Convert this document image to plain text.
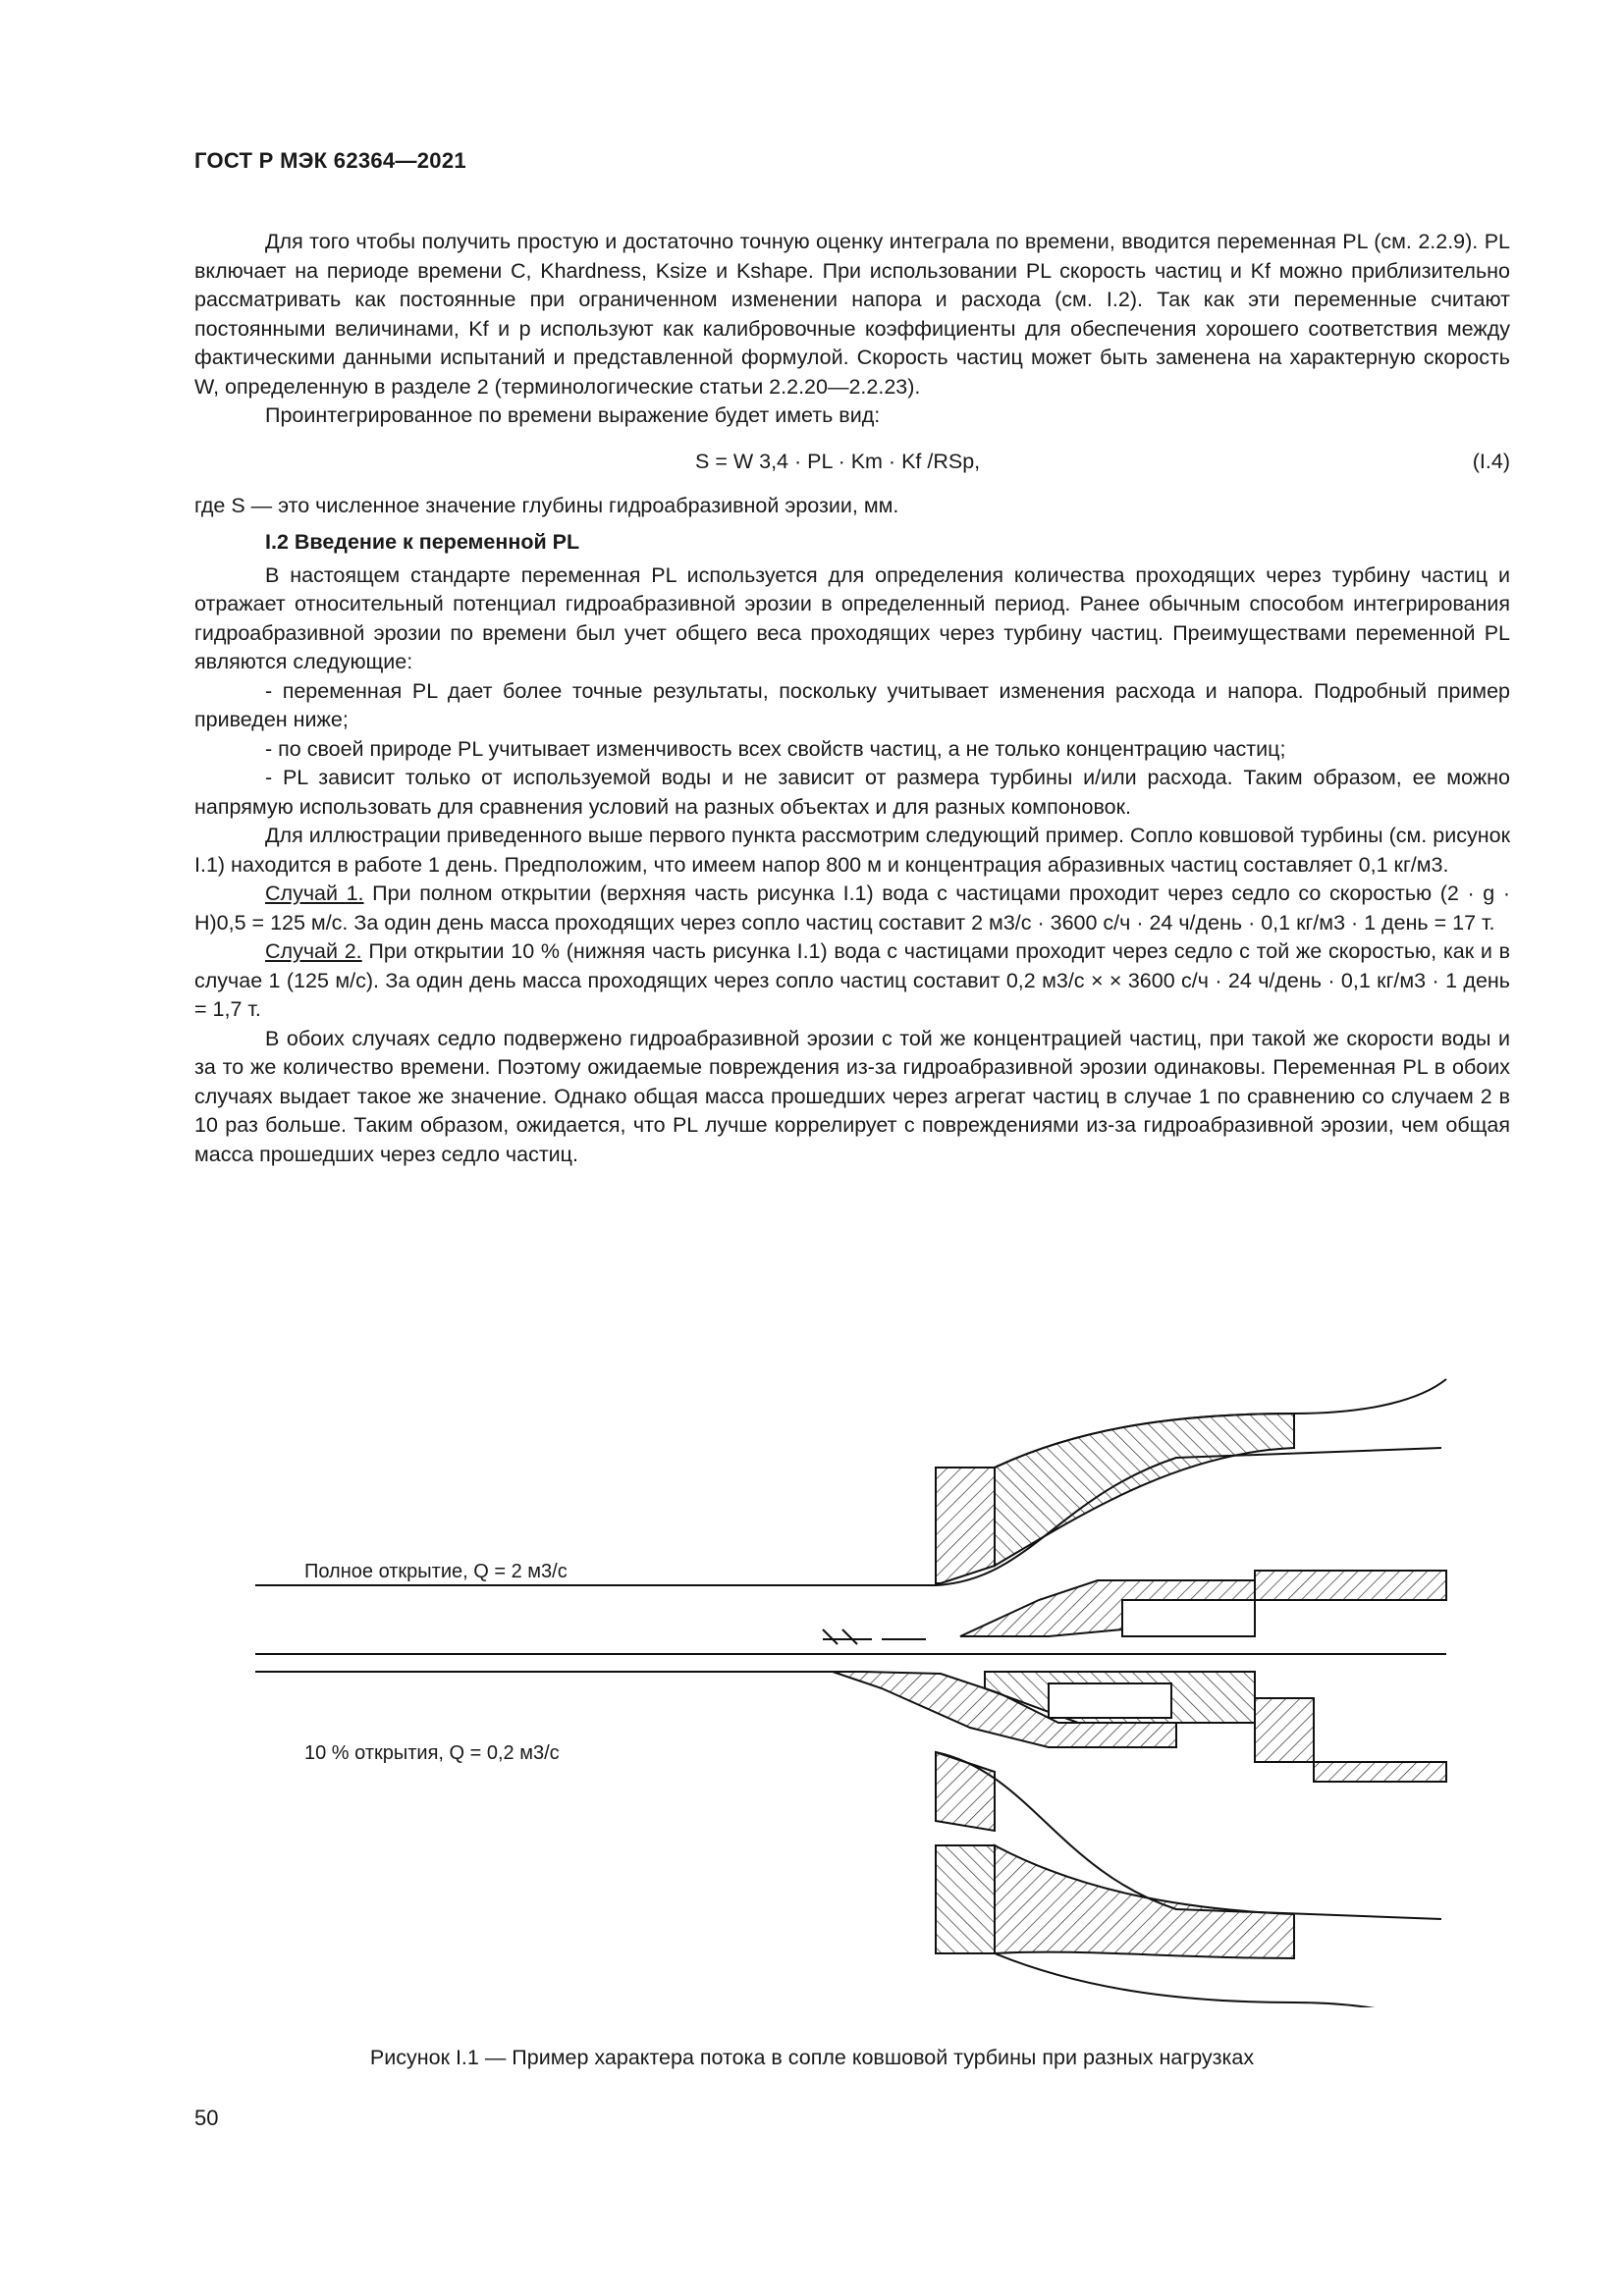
ГОСТ Р МЭК 62364—2021

Для того чтобы получить простую и достаточно точную оценку интеграла по времени, вводится переменная PL (см. 2.2.9). PL включает на периоде времени C, Khardness, Ksize и Kshape. При использовании PL скорость частиц и Kf можно приблизительно рассматривать как постоянные при ограниченном изменении напора и расхода (см. I.2). Так как эти переменные считают постоянными величинами, Kf и p используют как калибровочные коэффициенты для обеспечения хорошего соответствия между фактическими данными испытаний и представленной формулой. Скорость частиц может быть заменена на характерную скорость W, определенную в разделе 2 (терминологические статьи 2.2.20—2.2.23).

Проинтегрированное по времени выражение будет иметь вид:

S = W 3,4 · PL · Km · Kf /RSp,	(I.4)

где S — это численное значение глубины гидроабразивной эрозии, мм.

I.2 Введение к переменной PL

В настоящем стандарте переменная PL используется для определения количества проходящих через турбину частиц и отражает относительный потенциал гидроабразивной эрозии в определенный период. Ранее обычным способом интегрирования гидроабразивной эрозии по времени был учет общего веса проходящих через турбину частиц. Преимуществами переменной PL являются следующие:

- переменная PL дает более точные результаты, поскольку учитывает изменения расхода и напора. Подробный пример приведен ниже;

- по своей природе PL учитывает изменчивость всех свойств частиц, а не только концентрацию частиц;

- PL зависит только от используемой воды и не зависит от размера турбины и/или расхода. Таким образом, ее можно напрямую использовать для сравнения условий на разных объектах и для разных компоновок.

Для иллюстрации приведенного выше первого пункта рассмотрим следующий пример. Сопло ковшовой турбины (см. рисунок I.1) находится в работе 1 день. Предположим, что имеем напор 800 м и концентрация абразивных частиц составляет 0,1 кг/м3.

Случай 1. При полном открытии (верхняя часть рисунка I.1) вода с частицами проходит через седло со скоростью (2 · g · H)0,5 = 125 м/с. За один день масса проходящих через сопло частиц составит 2 м3/с · 3600 с/ч · 24 ч/день · 0,1 кг/м3 · 1 день = 17 т.

Случай 2. При открытии 10 % (нижняя часть рисунка I.1) вода с частицами проходит через седло с той же скоростью, как и в случае 1 (125 м/с). За один день масса проходящих через сопло частиц составит 0,2 м3/с × × 3600 с/ч · 24 ч/день · 0,1 кг/м3 · 1 день = 1,7 т.

В обоих случаях седло подвержено гидроабразивной эрозии с той же концентрацией частиц, при такой же скорости воды и за то же количество времени. Поэтому ожидаемые повреждения из-за гидроабразивной эрозии одинаковы. Переменная PL в обоих случаях выдает такое же значение. Однако общая масса прошедших через агрегат частиц в случае 1 по сравнению со случаем 2 в 10 раз больше. Таким образом, ожидается, что PL лучше коррелирует с повреждениями из-за гидроабразивной эрозии, чем общая масса прошедших через седло частиц.

Полное открытие, Q = 2 м3/с
10 % открытия, Q = 0,2 м3/с
Рисунок I.1 — Пример характера потока в сопле ковшовой турбины при разных нагрузках
50
